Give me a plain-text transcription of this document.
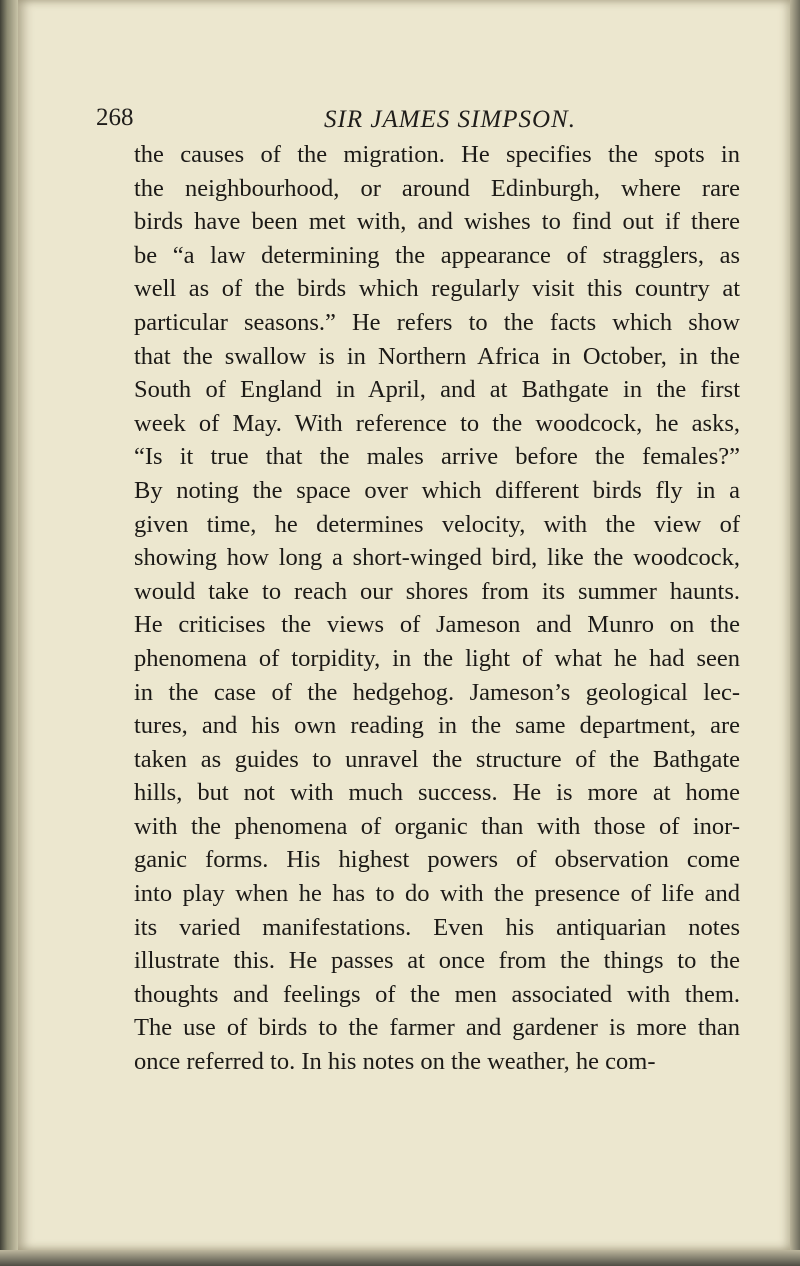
268	SIR JAMES SIMPSON.
the causes of the migration. He specifies the spots in
the neighbourhood, or around Edinburgh, where rare
birds have been met with, and wishes to find out if there
be “a law determining the appearance of stragglers, as
well as of the birds which regularly visit this country at
particular seasons.” He refers to the facts which show
that the swallow is in Northern Africa in October, in the
South of England in April, and at Bathgate in the first
week of May. With reference to the woodcock, he asks,
“Is it true that the males arrive before the females?”
By noting the space over which different birds fly in a
given time, he determines velocity, with the view of
showing how long a short-winged bird, like the woodcock,
would take to reach our shores from its summer haunts.
He criticises the views of Jameson and Munro on the
phenomena of torpidity, in the light of what he had seen
in the case of the hedgehog. Jameson’s geological lec-
tures, and his own reading in the same department, are
taken as guides to unravel the structure of the Bathgate
hills, but not with much success. He is more at home
with the phenomena of organic than with those of inor-
ganic forms. His highest powers of observation come
into play when he has to do with the presence of life and
its varied manifestations. Even his antiquarian notes
illustrate this. He passes at once from the things to the
thoughts and feelings of the men associated with them.
The use of birds to the farmer and gardener is more than
once referred to. In his notes on the weather, he com-
